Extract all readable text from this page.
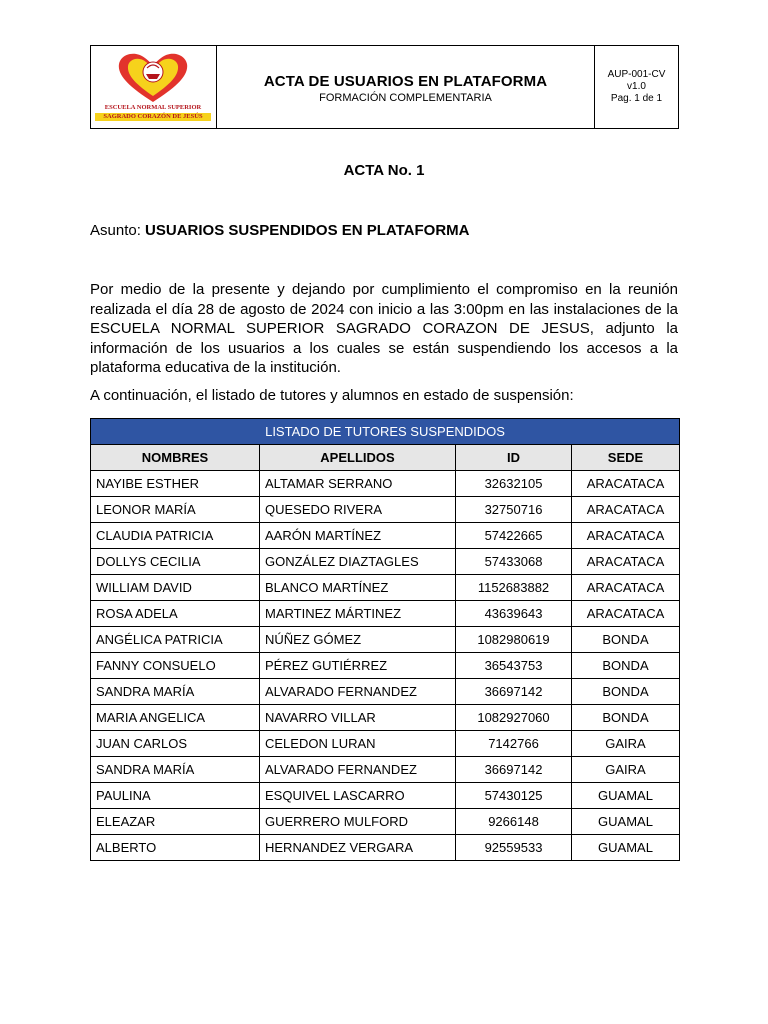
ESCUELA NORMAL SUPERIOR
SAGRADO CORAZÓN DE JESÚS
ACTA DE USUARIOS EN PLATAFORMA
FORMACIÓN COMPLEMENTARIA
AUP-001-CV
v1.0
Pag. 1 de 1
ACTA No. 1
Asunto: USUARIOS SUSPENDIDOS EN PLATAFORMA
Por medio de la presente y dejando por cumplimiento el compromiso en la reunión realizada el día 28 de agosto de 2024 con inicio a las 3:00pm en las instalaciones de la ESCUELA NORMAL SUPERIOR SAGRADO CORAZON DE JESUS, adjunto la información de los usuarios a los cuales se están suspendiendo los accesos a la plataforma educativa de la institución.
A continuación, el listado de tutores y alumnos en estado de suspensión:
LISTADO DE TUTORES SUSPENDIDOS			
NOMBRES	APELLIDOS	ID	SEDE
NAYIBE ESTHER	ALTAMAR SERRANO	32632105	ARACATACA
LEONOR MARÍA	QUESEDO RIVERA	32750716	ARACATACA
CLAUDIA PATRICIA	AARÓN MARTÍNEZ	57422665	ARACATACA
DOLLYS CECILIA	GONZÁLEZ DIAZTAGLES	57433068	ARACATACA
WILLIAM DAVID	BLANCO MARTÍNEZ	1152683882	ARACATACA
ROSA ADELA	MARTINEZ MÁRTINEZ	43639643	ARACATACA
ANGÉLICA PATRICIA	NÚÑEZ GÓMEZ	1082980619	BONDA
FANNY CONSUELO	PÉREZ GUTIÉRREZ	36543753	BONDA
SANDRA MARÍA	ALVARADO FERNANDEZ	36697142	BONDA
MARIA ANGELICA	NAVARRO VILLAR	1082927060	BONDA
JUAN CARLOS	CELEDON LURAN	7142766	GAIRA
SANDRA MARÍA	ALVARADO FERNANDEZ	36697142	GAIRA
PAULINA	ESQUIVEL LASCARRO	57430125	GUAMAL
ELEAZAR	GUERRERO MULFORD	9266148	GUAMAL
ALBERTO	HERNANDEZ VERGARA	92559533	GUAMAL
